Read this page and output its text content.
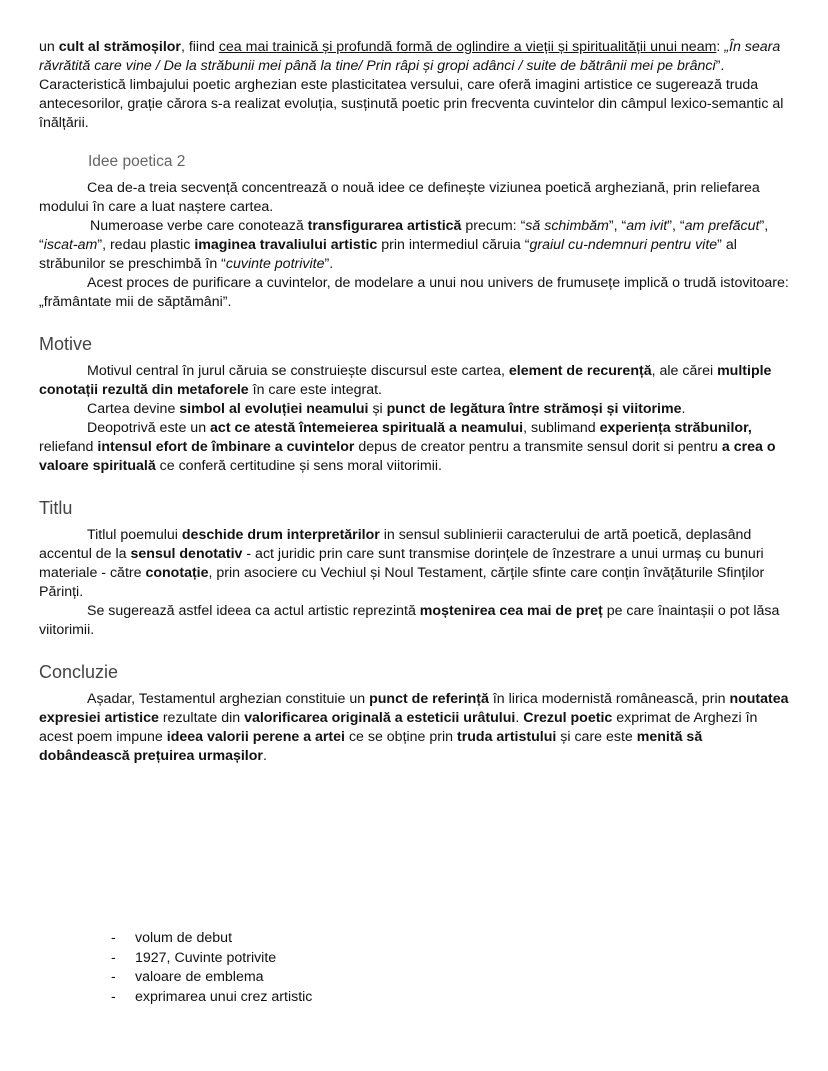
un cult al strămoșilor, fiind cea mai trainică și profundă formă de oglindire a vieții și spiritualității unui neam: „În seara răvrătită care vine / De la străbunii mei până la tine/ Prin râpi și gropi adânci / suite de bătrânii mei pe brânci”. Caracteristică limbajului poetic arghezian este plasticitatea versului, care oferă imagini artistice ce sugerează truda antecesorilor, grație cărora s-a realizat evoluția, susținută poetic prin frecventa cuvintelor din câmpul lexico-semantic al înălțării.

Idee poetica 2

Cea de-a treia secvență concentrează o nouă idee ce definește viziunea poetică argheziană, prin reliefarea modului în care a luat naștere cartea.

Numeroase verbe care conotează transfigurarea artistică precum: “să schimbăm”, “am ivit”, “am prefăcut”, “iscat-am”, redau plastic imaginea travaliului artistic prin intermediul căruia “graiul cu-ndemnuri pentru vite” al străbunilor se preschimbă în “cuvinte potrivite”.

Acest proces de purificare a cuvintelor, de modelare a unui nou univers de frumusețe implică o trudă istovitoare: „frământate mii de săptămâni”.

Motive

Motivul central în jurul căruia se construiește discursul este cartea, element de recurență, ale cărei multiple conotații rezultă din metaforele în care este integrat.

Cartea devine simbol al evoluției neamului și punct de legătura între strămoși și viitorime.

Deopotrivă este un act ce atestă întemeierea spirituală a neamului, sublimand experiența străbunilor, reliefand intensul efort de îmbinare a cuvintelor depus de creator pentru a transmite sensul dorit si pentru a crea o valoare spirituală ce conferă certitudine și sens moral viitorimii.

Titlu

Titlul poemului deschide drum interpretărilor in sensul sublinierii caracterului de artă poetică, deplasând accentul de la sensul denotativ - act juridic prin care sunt transmise dorințele de înzestrare a unui urmaș cu bunuri materiale - către conotație, prin asociere cu Vechiul și Noul Testament, cărțile sfinte care conțin învățăturile Sfinților Părinți.

Se sugerează astfel ideea ca actul artistic reprezintă moștenirea cea mai de preț pe care înaintașii o pot lăsa viitorimii.

Concluzie

Așadar, Testamentul arghezian constituie un punct de referință în lirica modernistă românească, prin noutatea expresiei artistice rezultate din valorificarea originală a esteticii urâtului. Crezul poetic exprimat de Arghezi în acest poem impune ideea valorii perene a artei ce se obține prin truda artistului și care este menită să dobândească prețuirea urmașilor.

- volum de debut
- 1927, Cuvinte potrivite
- valoare de emblema
- exprimarea unui crez artistic
